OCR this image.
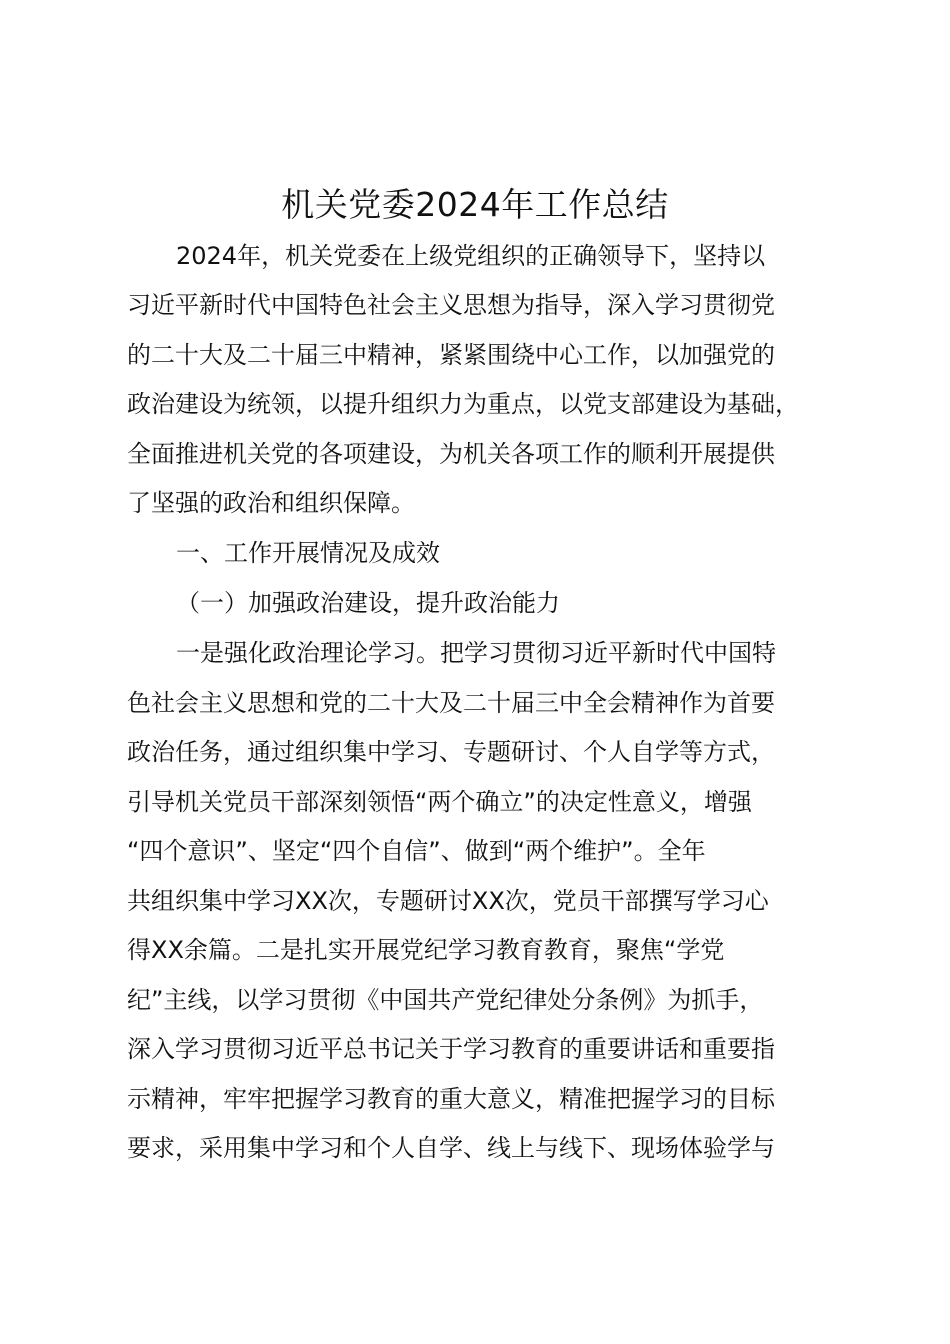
机关党委2024年工作总结
2024年，机关党委在上级党组织的正确领导下，坚持以
习近平新时代中国特色社会主义思想为指导，深入学习贯彻党
的二十大及二十届三中精神，紧紧围绕中心工作，以加强党的
政治建设为统领，以提升组织力为重点，以党支部建设为基础，
全面推进机关党的各项建设，为机关各项工作的顺利开展提供
了坚强的政治和组织保障。
一、工作开展情况及成效
（一）加强政治建设，提升政治能力
一是强化政治理论学习。把学习贯彻习近平新时代中国特
色社会主义思想和党的二十大及二十届三中全会精神作为首要
政治任务，通过组织集中学习、专题研讨、个人自学等方式，
引导机关党员干部深刻领悟“两个确立”的决定性意义，增强
“四个意识”、坚定“四个自信”、做到“两个维护”。全年
共组织集中学习XX次，专题研讨XX次，党员干部撰写学习心
得XX余篇。二是扎实开展党纪学习教育教育，聚焦“学党
纪”主线，以学习贯彻《中国共产党纪律处分条例》为抓手，
深入学习贯彻习近平总书记关于学习教育的重要讲话和重要指
示精神，牢牢把握学习教育的重大意义，精准把握学习的目标
要求，采用集中学习和个人自学、线上与线下、现场体验学与
